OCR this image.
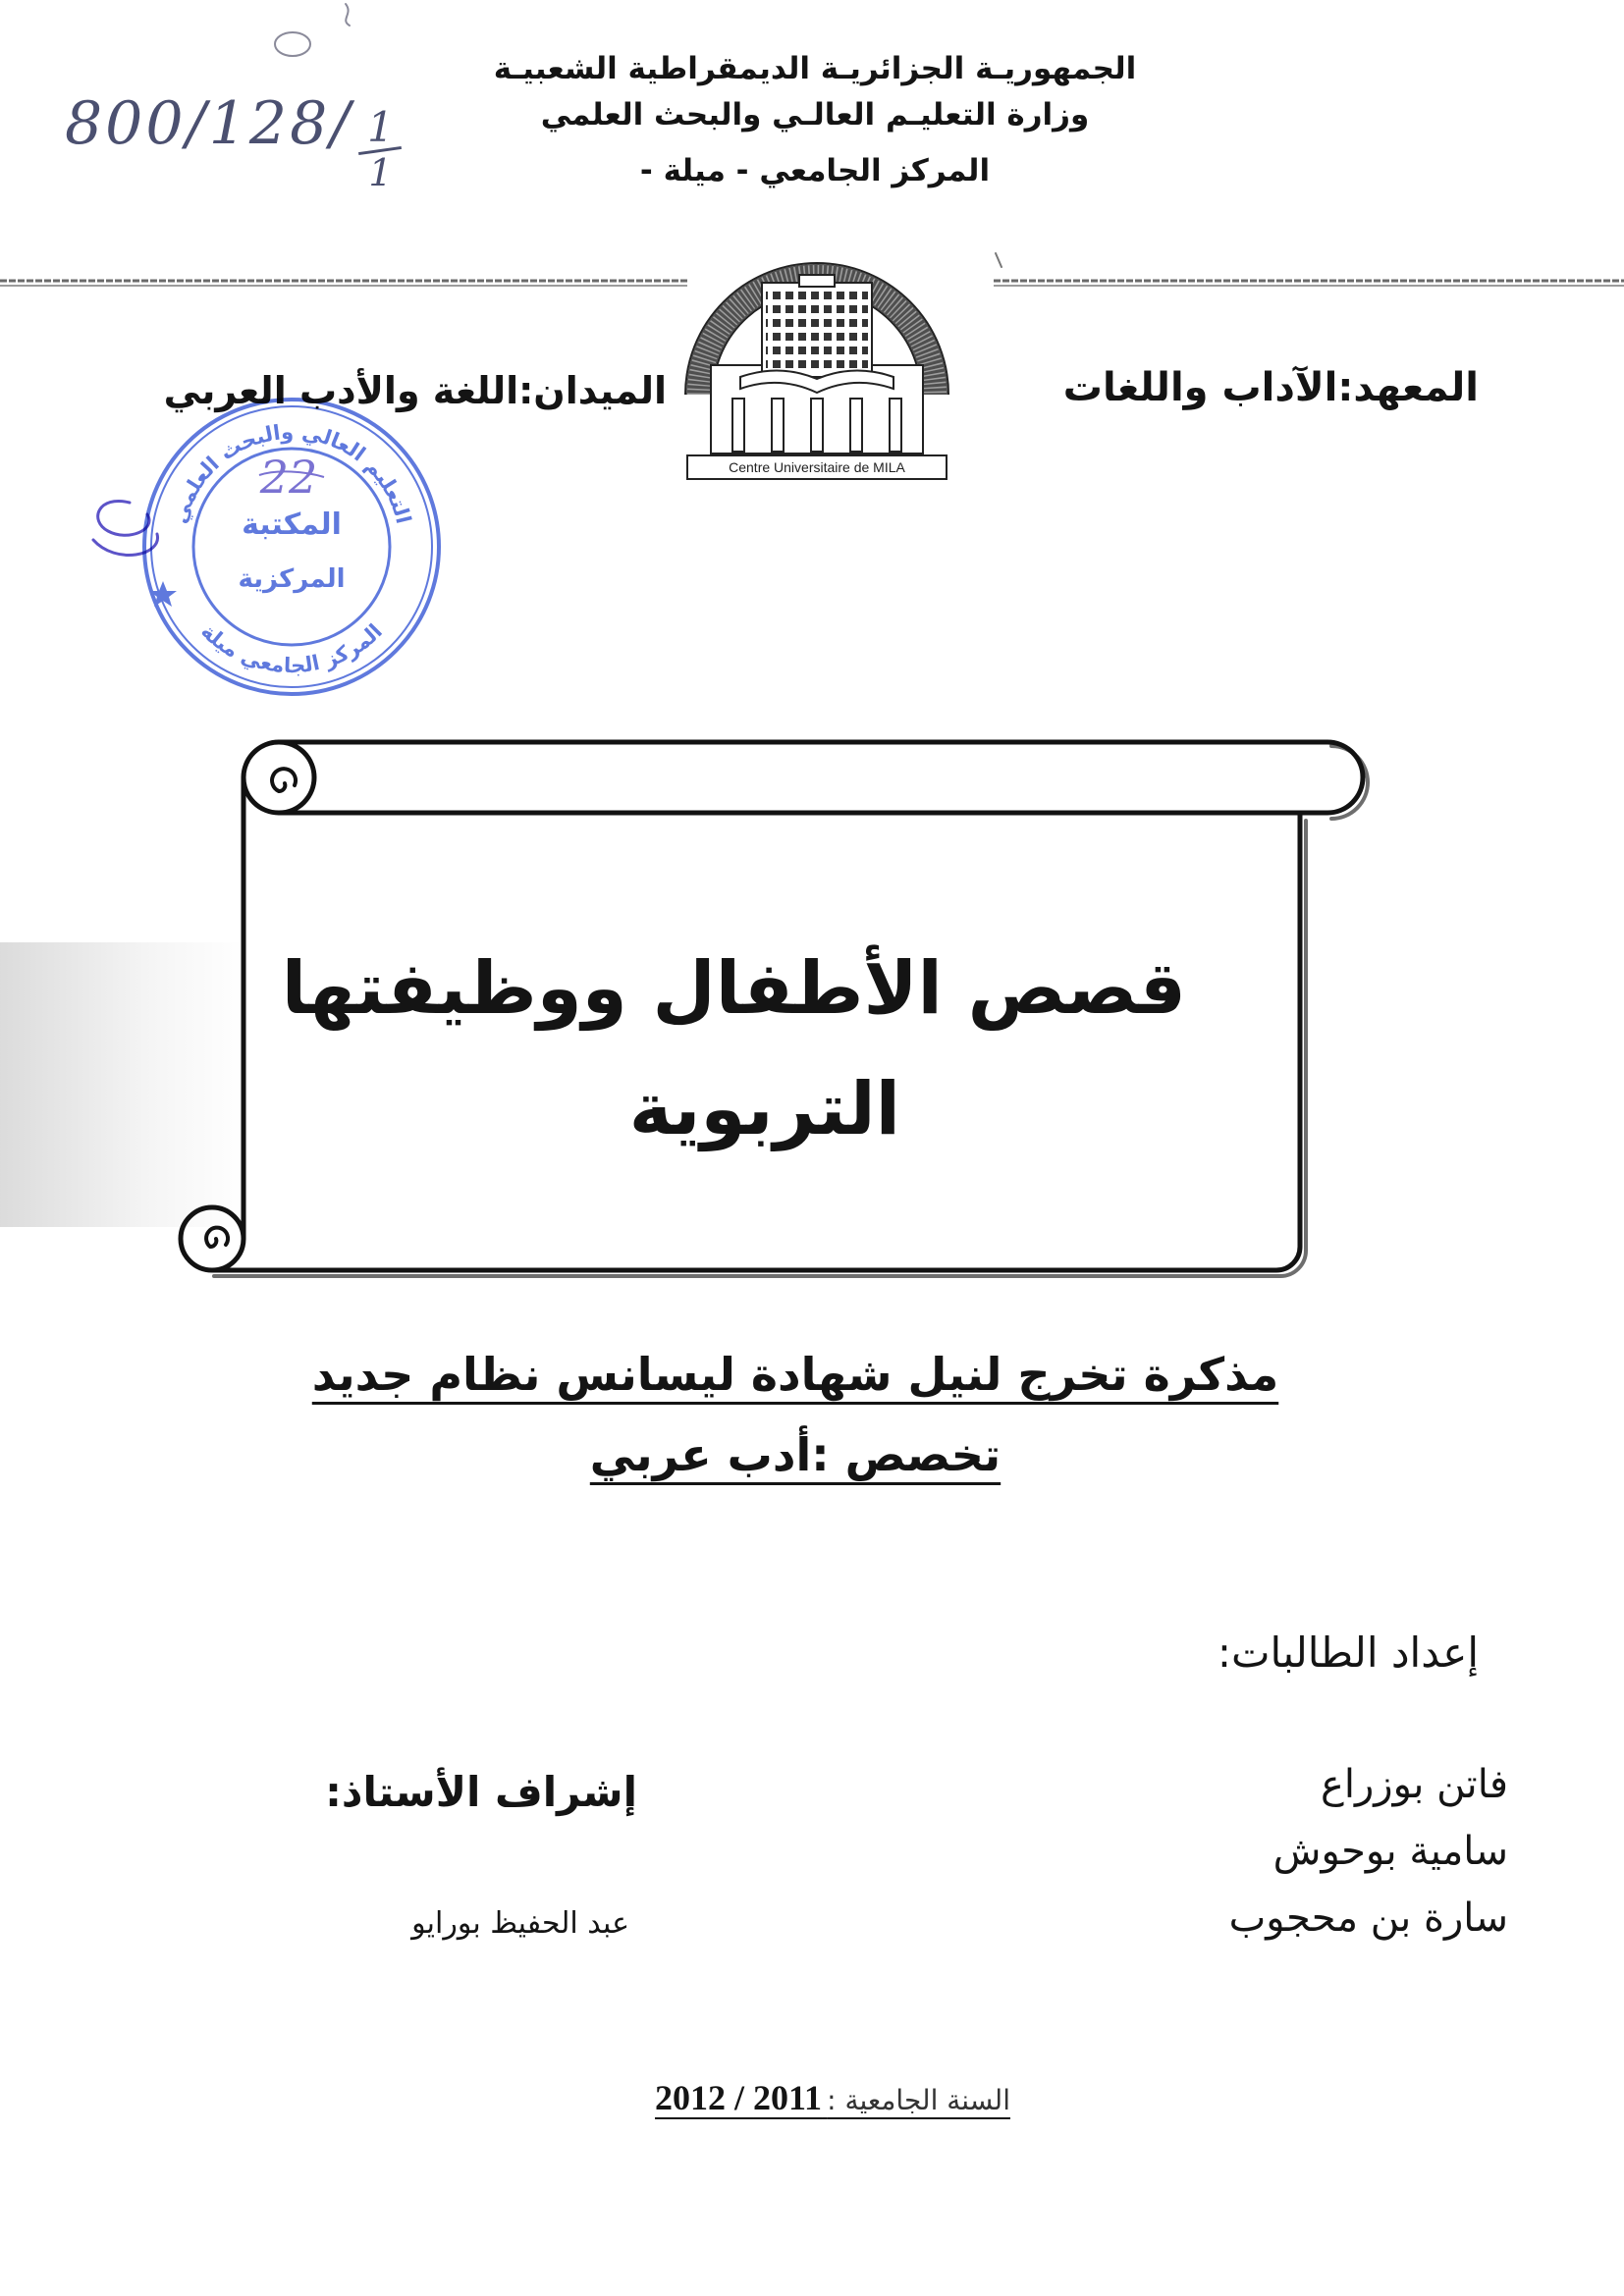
800/128/ 1
1
الجمهوريـة الجزائريـة الديمقراطية الشعبيـة
وزارة التعليـم العالـي والبحث العلمي
المركز الجامعي - ميلة -
Centre Universitaire de MILA
المعهد:الآداب واللغات
الميدان:اللغة والأدب العربي
قصص الأطفال ووظيفتها
التربوية
مذكرة تخرج لنيل شهادة ليسانس نظام جديد
تخصص :أدب عربي
إعداد الطالبات:
فاتن بوزراع
سامية بوحوش
سارة بن محجوب
إشراف الأستاذ:
عبد الحفيظ بورايو
السنة الجامعية : 2011 / 2012
التعليم العالي والبحث العلمي
المركز الجامعي ميلة
المكتبة
المركزية
22
